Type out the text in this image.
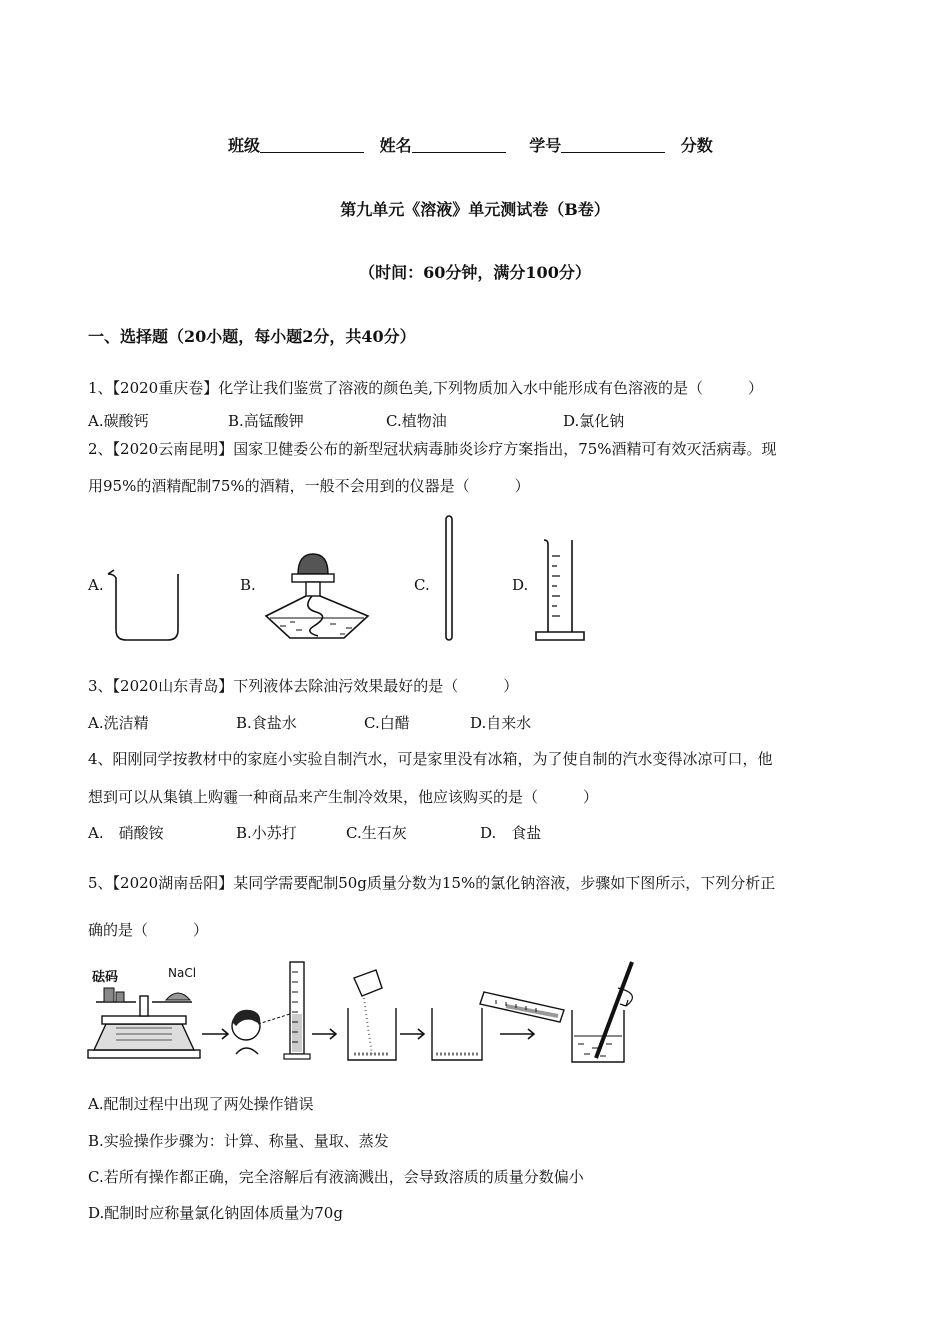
班级	姓名	学号	分数
第九单元《溶液》单元测试卷（B卷）
（时间：60分钟，满分100分）
一、选择题（20小题，每小题2分，共40分）
1、【2020重庆卷】化学让我们鉴赏了溶液的颜色美,下列物质加入水中能形成有色溶液的是（　　　）
A.碳酸钙	B.高锰酸钾	C.植物油	D.氯化钠
2、【2020云南昆明】国家卫健委公布的新型冠状病毒肺炎诊疗方案指出，75%酒精可有效灭活病毒。现
用95%的酒精配制75%的酒精，一般不会用到的仪器是（　　　）
A.	B.	C.	D.
3、【2020山东青岛】下列液体去除油污效果最好的是（　　　）
A.洗洁精	B.食盐水	C.白醋	D.自来水
4、阳刚同学按教材中的家庭小实验自制汽水，可是家里没有冰箱，为了使自制的汽水变得冰凉可口，他
想到可以从集镇上购霾一种商品来产生制冷效果，他应该购买的是（　　　）
A.　硝酸铵	B.小苏打	C.生石灰	D.　食盐
5、【2020湖南岳阳】某同学需要配制50g质量分数为15%的氯化钠溶液，步骤如下图所示，下列分析正
确的是（　　　）
砝码	NaCl
A.配制过程中出现了两处操作错误
B.实验操作步骤为：计算、称量、量取、蒸发
C.若所有操作都正确，完全溶解后有液滴溅出，会导致溶质的质量分数偏小
D.配制时应称量氯化钠固体质量为70g
